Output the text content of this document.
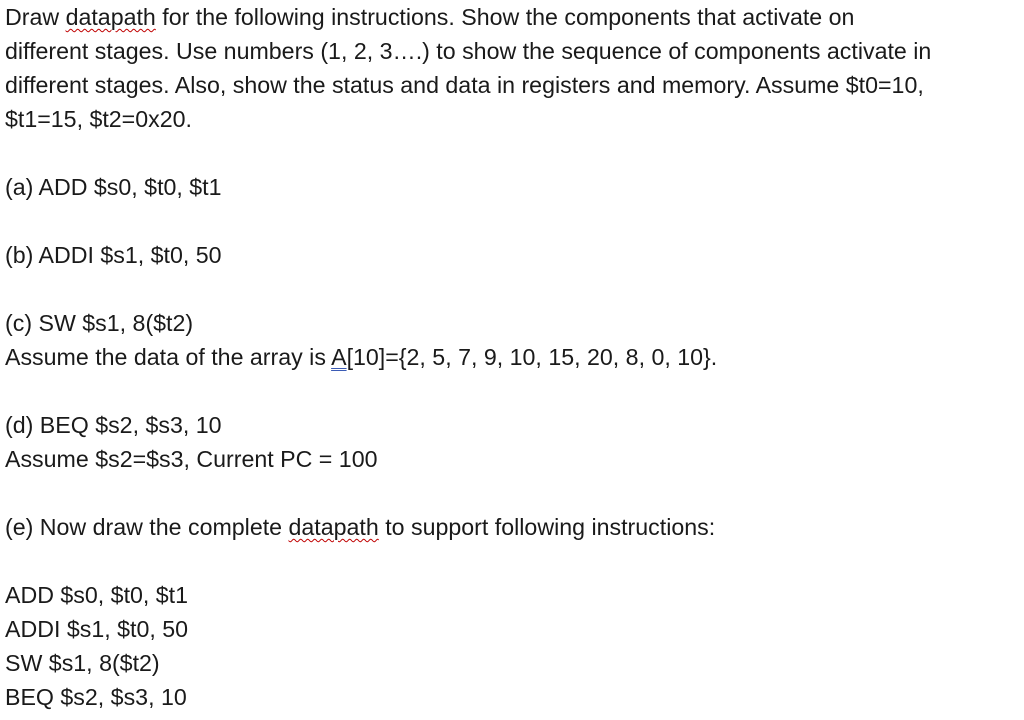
Draw datapath for the following instructions. Show the components that activate on
different stages. Use numbers (1, 2, 3….) to show the sequence of components activate in
different stages. Also, show the status and data in registers and memory. Assume $t0=10,
$t1=15, $t2=0x20.
(a) ADD $s0, $t0, $t1
(b) ADDI $s1, $t0, 50
(c) SW $s1, 8($t2)
Assume the data of the array is A[10]={2, 5, 7, 9, 10, 15, 20, 8, 0, 10}.
(d) BEQ $s2, $s3, 10
Assume $s2=$s3, Current PC = 100
(e) Now draw the complete datapath to support following instructions:
ADD $s0, $t0, $t1
ADDI $s1, $t0, 50
SW $s1, 8($t2)
BEQ $s2, $s3, 10
